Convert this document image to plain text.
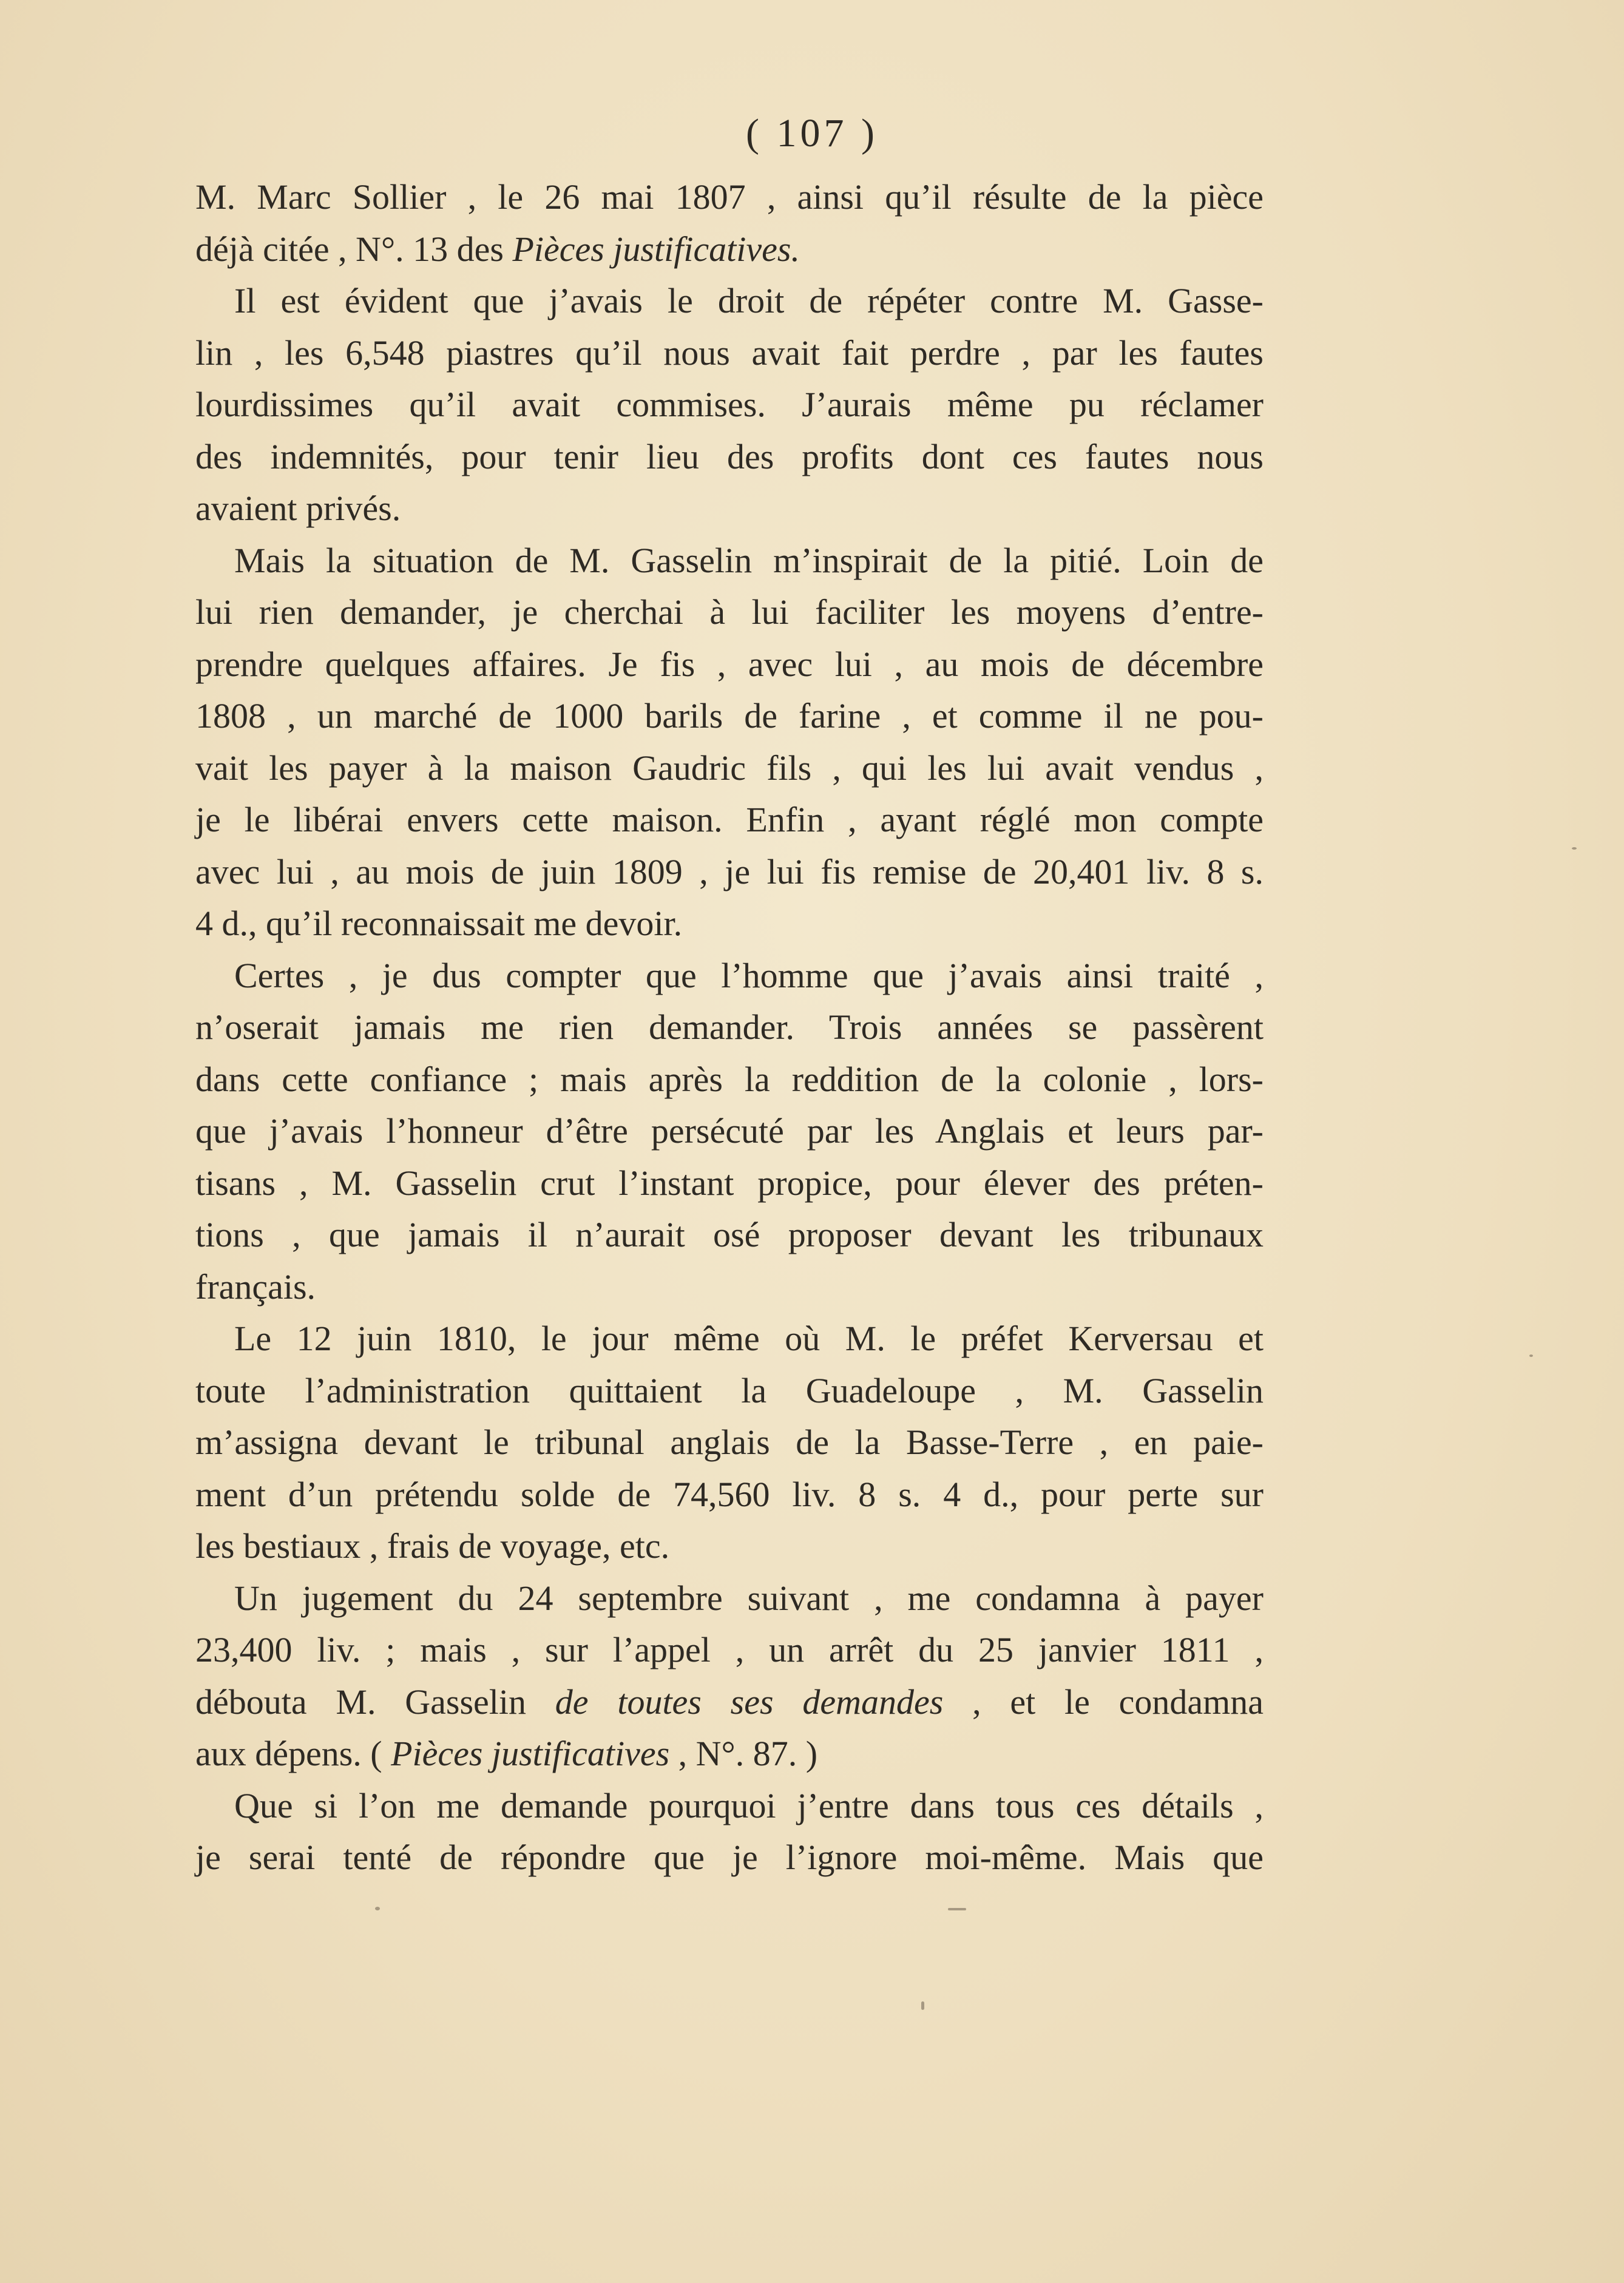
( 107 )
M. Marc Sollier , le 26 mai 1807 , ainsi qu’il résulte de la pièce
déjà citée , N°. 13 des Pièces justificatives.
Il est évident que j’avais le droit de répéter contre M. Gasse-
lin , les 6,548 piastres qu’il nous avait fait perdre , par les fautes
lourdissimes qu’il avait commises. J’aurais même pu réclamer
des indemnités, pour tenir lieu des profits dont ces fautes nous
avaient privés.
Mais la situation de M. Gasselin m’inspirait de la pitié. Loin de
lui rien demander, je cherchai à lui faciliter les moyens d’entre-
prendre quelques affaires. Je fis , avec lui , au mois de décembre
1808 , un marché de 1000 barils de farine , et comme il ne pou-
vait les payer à la maison Gaudric fils , qui les lui avait vendus ,
je le libérai envers cette maison. Enfin , ayant réglé mon compte
avec lui , au mois de juin 1809 , je lui fis remise de 20,401 liv. 8 s.
4 d., qu’il reconnaissait me devoir.
Certes , je dus compter que l’homme que j’avais ainsi traité ,
n’oserait jamais me rien demander. Trois années se passèrent
dans cette confiance ; mais après la reddition de la colonie , lors-
que j’avais l’honneur d’être persécuté par les Anglais et leurs par-
tisans , M. Gasselin crut l’instant propice, pour élever des préten-
tions , que jamais il n’aurait osé proposer devant les tribunaux
français.
Le 12 juin 1810, le jour même où M. le préfet Kerversau et
toute l’administration quittaient la Guadeloupe , M. Gasselin
m’assigna devant le tribunal anglais de la Basse-Terre , en paie-
ment d’un prétendu solde de 74,560 liv. 8 s. 4 d., pour perte sur
les bestiaux , frais de voyage, etc.
Un jugement du 24 septembre suivant , me condamna à payer
23,400 liv. ; mais , sur l’appel , un arrêt du 25 janvier 1811 ,
débouta M. Gasselin de toutes ses demandes , et le condamna
aux dépens. ( Pièces justificatives , N°. 87. )
Que si l’on me demande pourquoi j’entre dans tous ces détails ,
je serai tenté de répondre que je l’ignore moi-même. Mais que
